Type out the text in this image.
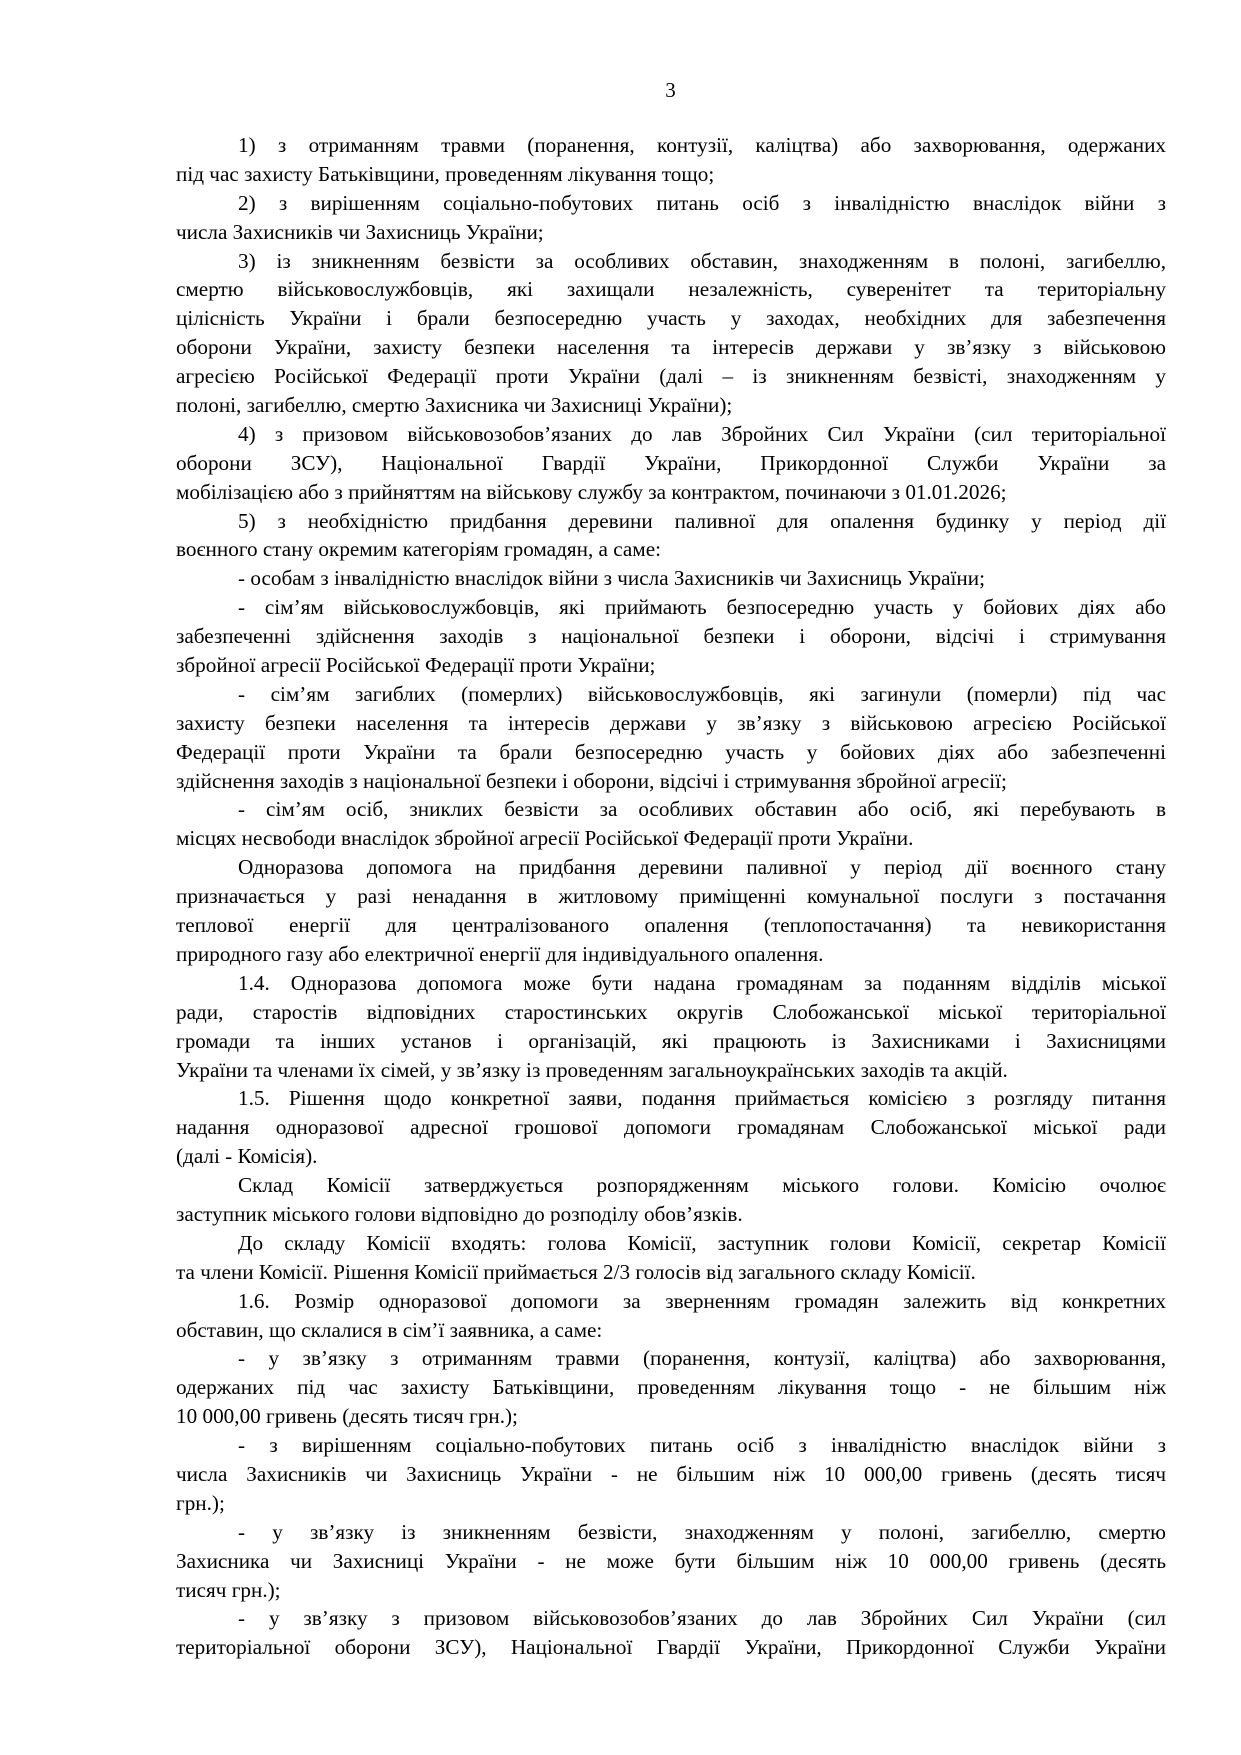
3
1) з отриманням травми (поранення, контузії, каліцтва) або захворювання, одержаних
під час захисту Батьківщини, проведенням лікування тощо;
2) з вирішенням соціально-побутових питань осіб з інвалідністю внаслідок війни з
числа Захисників чи Захисниць України;
3) із зникненням безвісти за особливих обставин, знаходженням в полоні, загибеллю,
смертю військовослужбовців, які захищали незалежність, суверенітет та територіальну
цілісність України і брали безпосередню участь у заходах, необхідних для забезпечення
оборони України, захисту безпеки населення та інтересів держави у зв’язку з військовою
агресією Російської Федерації проти України (далі – із зникненням безвісті, знаходженням у
полоні, загибеллю, смертю Захисника чи Захисниці України);
4) з призовом військовозобов’язаних до лав Збройних Сил України (сил територіальної
оборони ЗСУ), Національної Гвардії України, Прикордонної Служби України за
мобілізацією або з прийняттям на військову службу за контрактом, починаючи з 01.01.2026;
5) з необхідністю придбання деревини паливної для опалення будинку у період дії
воєнного стану окремим категоріям громадян, а саме:
- особам з інвалідністю внаслідок війни з числа Захисників чи Захисниць України;
- сім’ям військовослужбовців, які приймають безпосередню участь у бойових діях або
забезпеченні здійснення заходів з національної безпеки і оборони, відсічі і стримування
збройної агресії Російської Федерації проти України;
- сім’ям загиблих (померлих) військовослужбовців, які загинули (померли) під час
захисту безпеки населення та інтересів держави у зв’язку з військовою агресією Російської
Федерації проти України та брали безпосередню участь у бойових діях або забезпеченні
здійснення заходів з національної безпеки і оборони, відсічі і стримування збройної агресії;
- сім’ям осіб, зниклих безвісти за особливих обставин або осіб, які перебувають в
місцях несвободи внаслідок збройної агресії Російської Федерації проти України.
Одноразова допомога на придбання деревини паливної у період дії воєнного стану
призначається у разі ненадання в житловому приміщенні комунальної послуги з постачання
теплової енергії для централізованого опалення (теплопостачання) та невикористання
природного газу або електричної енергії для індивідуального опалення.
1.4. Одноразова допомога може бути надана громадянам за поданням відділів міської
ради, старостів відповідних старостинських округів Слобожанської міської територіальної
громади та інших установ і організацій, які працюють із Захисниками і Захисницями
України та членами їх сімей, у зв’язку із проведенням загальноукраїнських заходів та акцій.
1.5. Рішення щодо конкретної заяви, подання приймається комісією з розгляду питання
надання одноразової адресної грошової допомоги громадянам Слобожанської міської ради
(далі - Комісія).
Склад Комісії затверджується розпорядженням міського голови. Комісію очолює
заступник міського голови відповідно до розподілу обов’язків.
До складу Комісії входять: голова Комісії, заступник голови Комісії, секретар Комісії
та члени Комісії. Рішення Комісії приймається 2/3 голосів від загального складу Комісії.
1.6. Розмір одноразової допомоги за зверненням громадян залежить від конкретних
обставин, що склалися в сім’ї заявника, а саме:
- у зв’язку з отриманням травми (поранення, контузії, каліцтва) або захворювання,
одержаних під час захисту Батьківщини, проведенням лікування тощо - не більшим ніж
10 000,00 гривень (десять тисяч грн.);
- з вирішенням соціально-побутових питань осіб з інвалідністю внаслідок війни з
числа Захисників чи Захисниць України - не більшим ніж 10 000,00 гривень (десять тисяч
грн.);
- у зв’язку із зникненням безвісти, знаходженням у полоні, загибеллю, смертю
Захисника чи Захисниці України - не може бути більшим ніж 10 000,00 гривень (десять
тисяч грн.);
- у зв’язку з призовом військовозобов’язаних до лав Збройних Сил України (сил
територіальної оборони ЗСУ), Національної Гвардії України, Прикордонної Служби України
